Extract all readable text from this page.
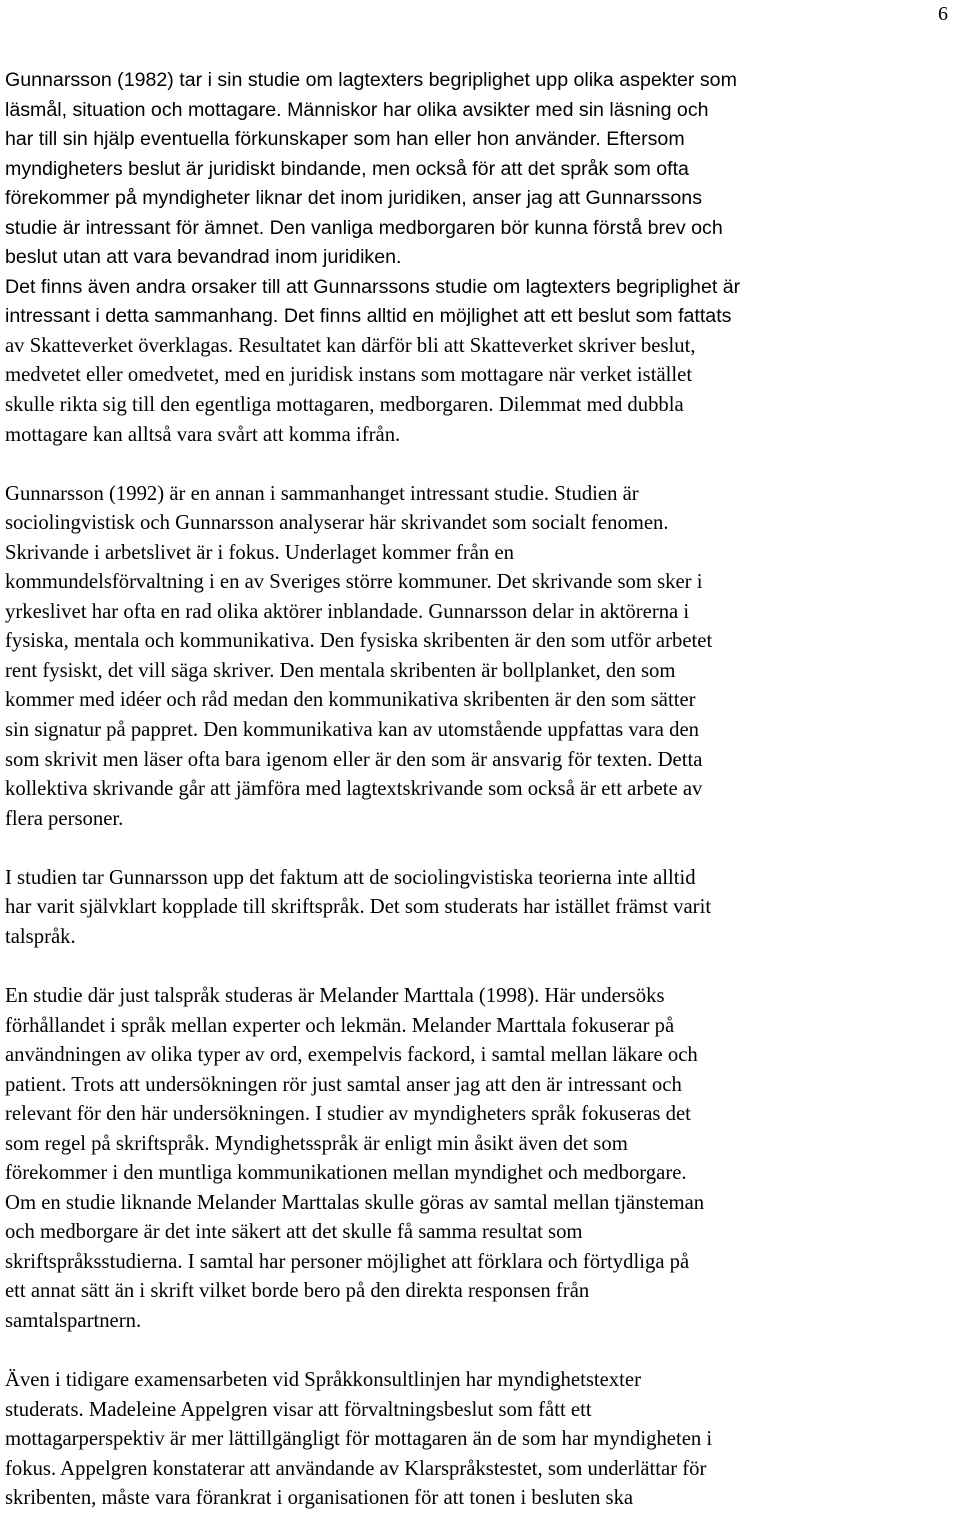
6

Gunnarsson (1982) tar i sin studie om lagtexters begriplighet upp olika aspekter som
läsmål, situation och mottagare. Människor har olika avsikter med sin läsning och
har till sin hjälp eventuella förkunskaper som han eller hon använder. Eftersom
myndigheters beslut är juridiskt bindande, men också för att det språk som ofta
förekommer på myndigheter liknar det inom juridiken, anser jag att Gunnarssons
studie är intressant för ämnet. Den vanliga medborgaren bör kunna förstå brev och
beslut utan att vara bevandrad inom juridiken.
Det finns även andra orsaker till att Gunnarssons studie om lagtexters begriplighet är
intressant i detta sammanhang. Det finns alltid en möjlighet att ett beslut som fattats
av Skatteverket överklagas. Resultatet kan därför bli att Skatteverket skriver beslut,
medvetet eller omedvetet, med en juridisk instans som mottagare när verket istället
skulle rikta sig till den egentliga mottagaren, medborgaren. Dilemmat med dubbla
mottagare kan alltså vara svårt att komma ifrån.

Gunnarsson (1992) är en annan i sammanhanget intressant studie. Studien är
sociolingvistisk och Gunnarsson analyserar här skrivandet som socialt fenomen.
Skrivande i arbetslivet är i fokus. Underlaget kommer från en
kommundelsförvaltning i en av Sveriges större kommuner. Det skrivande som sker i
yrkeslivet har ofta en rad olika aktörer inblandade. Gunnarsson delar in aktörerna i
fysiska, mentala och kommunikativa. Den fysiska skribenten är den som utför arbetet
rent fysiskt, det vill säga skriver. Den mentala skribenten är bollplanket, den som
kommer med idéer och råd medan den kommunikativa skribenten är den som sätter
sin signatur på pappret. Den kommunikativa kan av utomstående uppfattas vara den
som skrivit men läser ofta bara igenom eller är den som är ansvarig för texten. Detta
kollektiva skrivande går att jämföra med lagtextskrivande som också är ett arbete av
flera personer.

I studien tar Gunnarsson upp det faktum att de sociolingvistiska teorierna inte alltid
har varit självklart kopplade till skriftspråk. Det som studerats har istället främst varit
talspråk.

En studie där just talspråk studeras är Melander Marttala (1998). Här undersöks
förhållandet i språk mellan experter och lekmän. Melander Marttala fokuserar på
användningen av olika typer av ord, exempelvis fackord, i samtal mellan läkare och
patient. Trots att undersökningen rör just samtal anser jag att den är intressant och
relevant för den här undersökningen. I studier av myndigheters språk fokuseras det
som regel på skriftspråk. Myndighetsspråk är enligt min åsikt även det som
förekommer i den muntliga kommunikationen mellan myndighet och medborgare.
Om en studie liknande Melander Marttalas skulle göras av samtal mellan tjänsteman
och medborgare är det inte säkert att det skulle få samma resultat som
skriftspråksstudierna. I samtal har personer möjlighet att förklara och förtydliga på
ett annat sätt än i skrift vilket borde bero på den direkta responsen från
samtalspartnern.

Även i tidigare examensarbeten vid Språkkonsultlinjen har myndighetstexter
studerats. Madeleine Appelgren visar att förvaltningsbeslut som fått ett
mottagarperspektiv är mer lättillgängligt för mottagaren än de som har myndigheten i
fokus. Appelgren konstaterar att användande av Klarspråkstestet, som underlättar för
skribenten, måste vara förankrat i organisationen för att tonen i besluten ska
